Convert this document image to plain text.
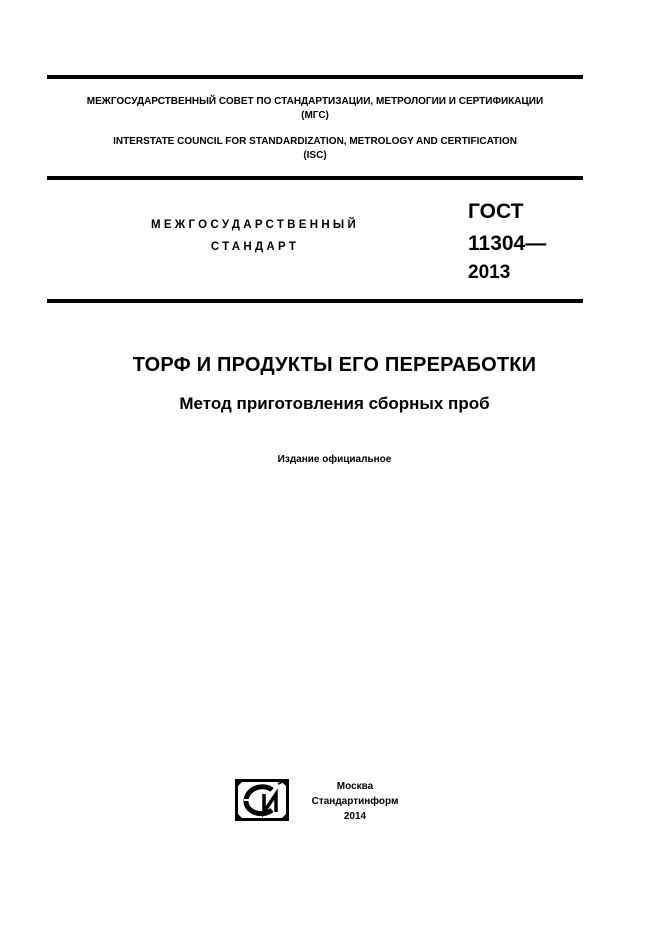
МЕЖГОСУДАРСТВЕННЫЙ СОВЕТ ПО СТАНДАРТИЗАЦИИ, МЕТРОЛОГИИ И СЕРТИФИКАЦИИ
(МГС)
INTERSTATE COUNCIL FOR STANDARDIZATION, METROLOGY AND CERTIFICATION
(ISC)
МЕЖГОСУДАРСТВЕННЫЙ
СТАНДАРТ
ГОСТ
11304—
2013
ТОРФ И ПРОДУКТЫ ЕГО ПЕРЕРАБОТКИ
Метод приготовления сборных проб
Издание официальное
Москва
Стандартинформ
2014
